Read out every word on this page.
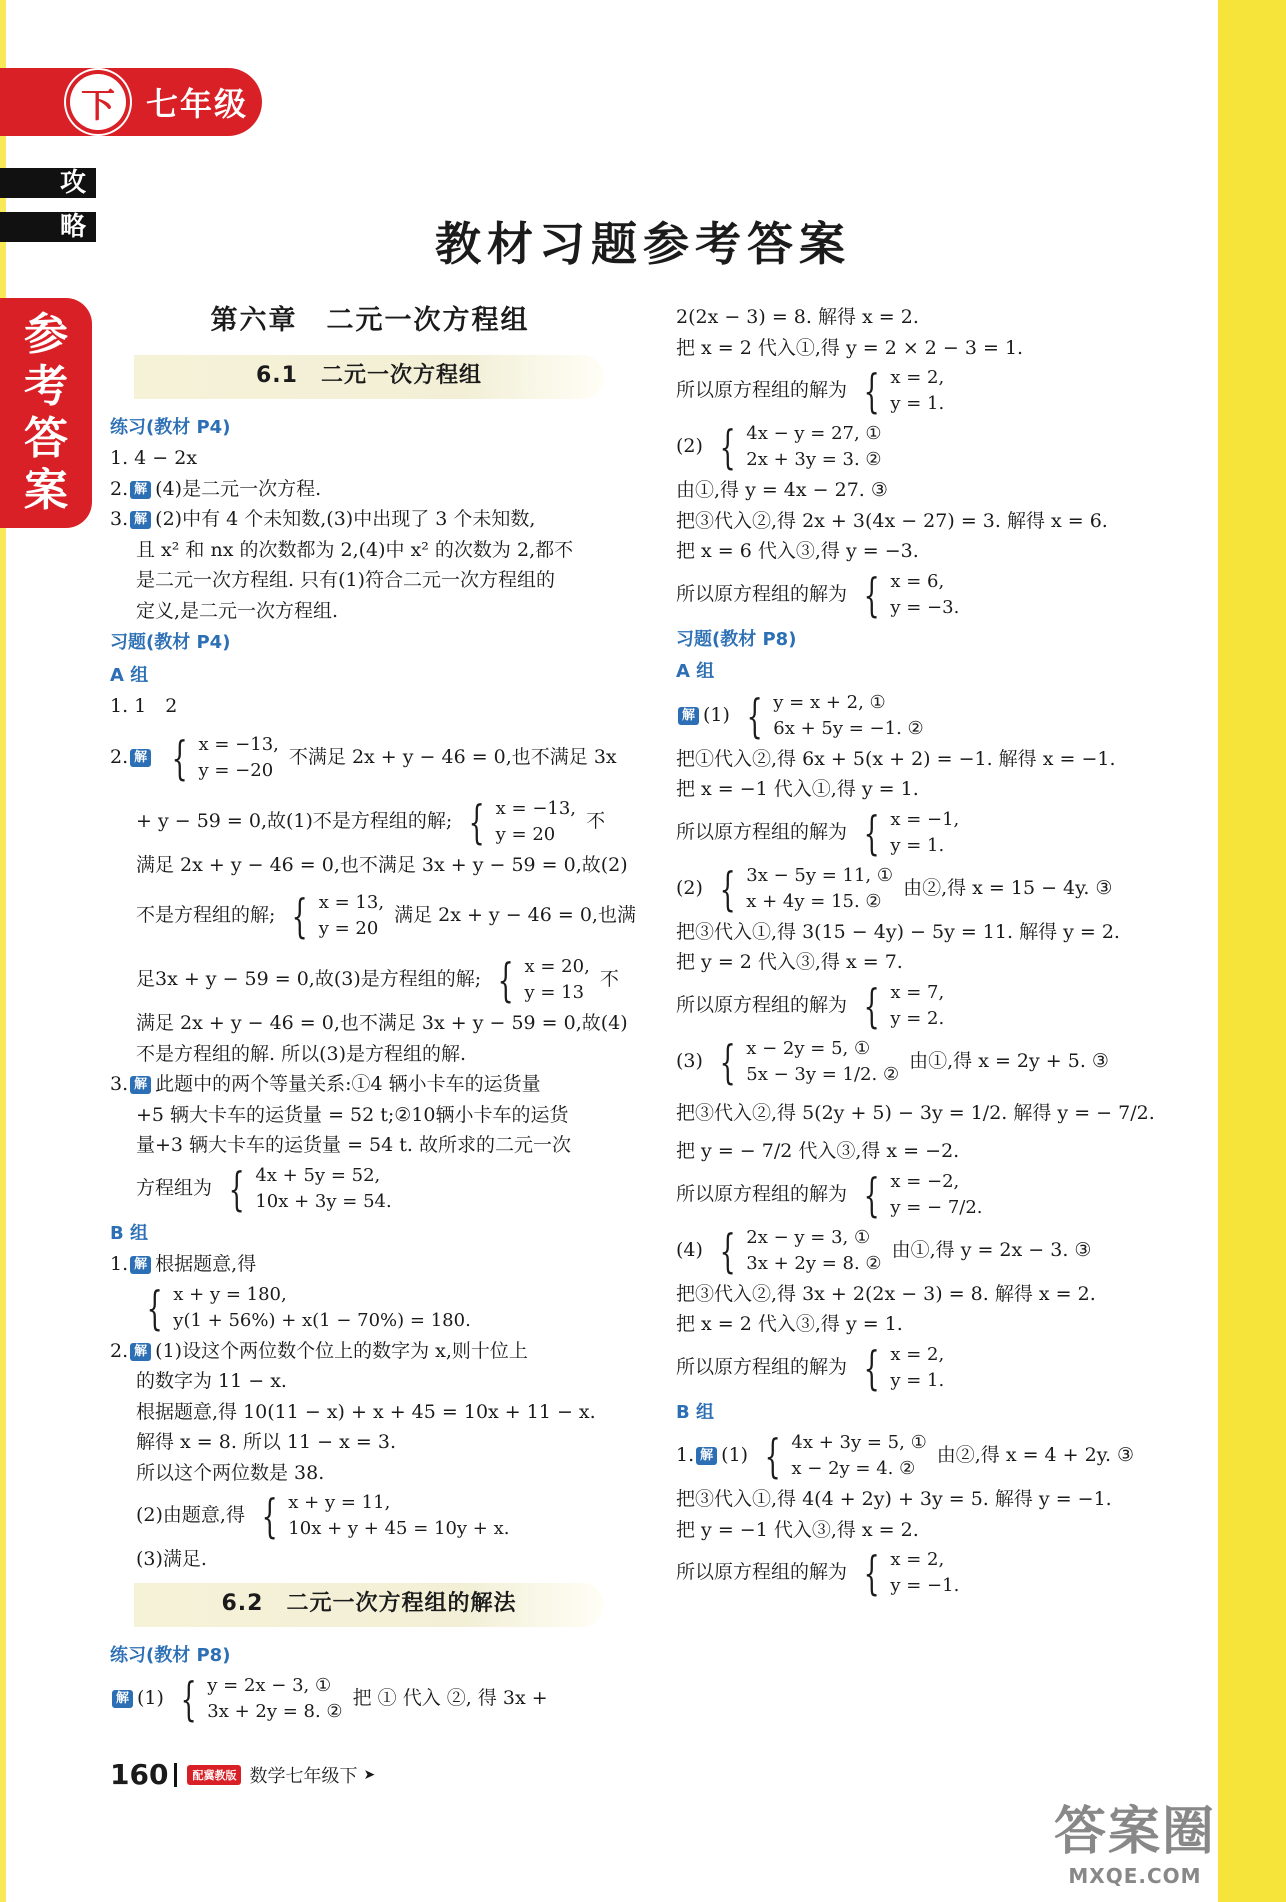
下 七年级
攻
略
参
考
答
案
教材习题参考答案
第六章　二元一次方程组
6.1　二元一次方程组
练习(教材 P4)
1. 4 − 2x
2. 解 (4)是二元一次方程.
3. 解 (2)中有 4 个未知数,(3)中出现了 3 个未知数,
且 x² 和 nx 的次数都为 2,(4)中 x² 的次数为 2,都不
是二元一次方程组. 只有(1)符合二元一次方程组的
定义,是二元一次方程组.
习题(教材 P4)
A 组
1. 1　2
2. 解 { x = −13,
y = −20
不满足 2x + y − 46 = 0,也不满足 3x
+ y − 59 = 0,故(1)不是方程组的解; { x = −13,
y = 20
不
满足 2x + y − 46 = 0,也不满足 3x + y − 59 = 0,故(2)
不是方程组的解; { x = 13,
y = 20
满足 2x + y − 46 = 0,也满
足3x + y − 59 = 0,故(3)是方程组的解; { x = 20,
y = 13
不
满足 2x + y − 46 = 0,也不满足 3x + y − 59 = 0,故(4)
不是方程组的解. 所以(3)是方程组的解.
3. 解 此题中的两个等量关系:①4 辆小卡车的运货量
+5 辆大卡车的运货量 = 52 t;②10辆小卡车的运货
量+3 辆大卡车的运货量 = 54 t. 故所求的二元一次
方程组为 { 4x + 5y = 52,
10x + 3y = 54.
B 组
1. 解 根据题意,得
{ x + y = 180,
y(1 + 56%) + x(1 − 70%) = 180.
2. 解 (1)设这个两位数个位上的数字为 x,则十位上
的数字为 11 − x.
根据题意,得 10(11 − x) + x + 45 = 10x + 11 − x.
解得 x = 8. 所以 11 − x = 3.
所以这个两位数是 38.
(2)由题意,得 { x + y = 11,
10x + y + 45 = 10y + x.
(3)满足.
6.2　二元一次方程组的解法
练习(教材 P8)
解 (1) { y = 2x − 3, ①
3x + 2y = 8. ②
把 ① 代入 ②, 得 3x +
2(2x − 3) = 8. 解得 x = 2.
把 x = 2 代入①,得 y = 2 × 2 − 3 = 1.
所以原方程组的解为 { x = 2,
y = 1.
(2) { 4x − y = 27, ①
2x + 3y = 3. ②
由①,得 y = 4x − 27. ③
把③代入②,得 2x + 3(4x − 27) = 3. 解得 x = 6.
把 x = 6 代入③,得 y = −3.
所以原方程组的解为 { x = 6,
y = −3.
习题(教材 P8)
A 组
解 (1) { y = x + 2, ①
6x + 5y = −1. ②
把①代入②,得 6x + 5(x + 2) = −1. 解得 x = −1.
把 x = −1 代入①,得 y = 1.
所以原方程组的解为 { x = −1,
y = 1.
(2) { 3x − 5y = 11, ①
x + 4y = 15. ②
由②,得 x = 15 − 4y. ③
把③代入①,得 3(15 − 4y) − 5y = 11. 解得 y = 2.
把 y = 2 代入③,得 x = 7.
所以原方程组的解为 { x = 7,
y = 2.
(3) { x − 2y = 5, ①
5x − 3y = 1/2. ②
由①,得 x = 2y + 5. ③
把③代入②,得 5(2y + 5) − 3y = 1/2. 解得 y = − 7/2.
把 y = − 7/2 代入③,得 x = −2.
所以原方程组的解为 { x = −2,
y = − 7/2.
(4) { 2x − y = 3, ①
3x + 2y = 8. ②
由①,得 y = 2x − 3. ③
把③代入②,得 3x + 2(2x − 3) = 8. 解得 x = 2.
把 x = 2 代入③,得 y = 1.
所以原方程组的解为 { x = 2,
y = 1.
B 组
1. 解 (1) { 4x + 3y = 5, ①
x − 2y = 4. ②
由②,得 x = 4 + 2y. ③
把③代入①,得 4(4 + 2y) + 3y = 5. 解得 y = −1.
把 y = −1 代入③,得 x = 2.
所以原方程组的解为 { x = 2,
y = −1.
160	配冀教版 数学七年级 下 ➤
答案圈
MXQE.COM
